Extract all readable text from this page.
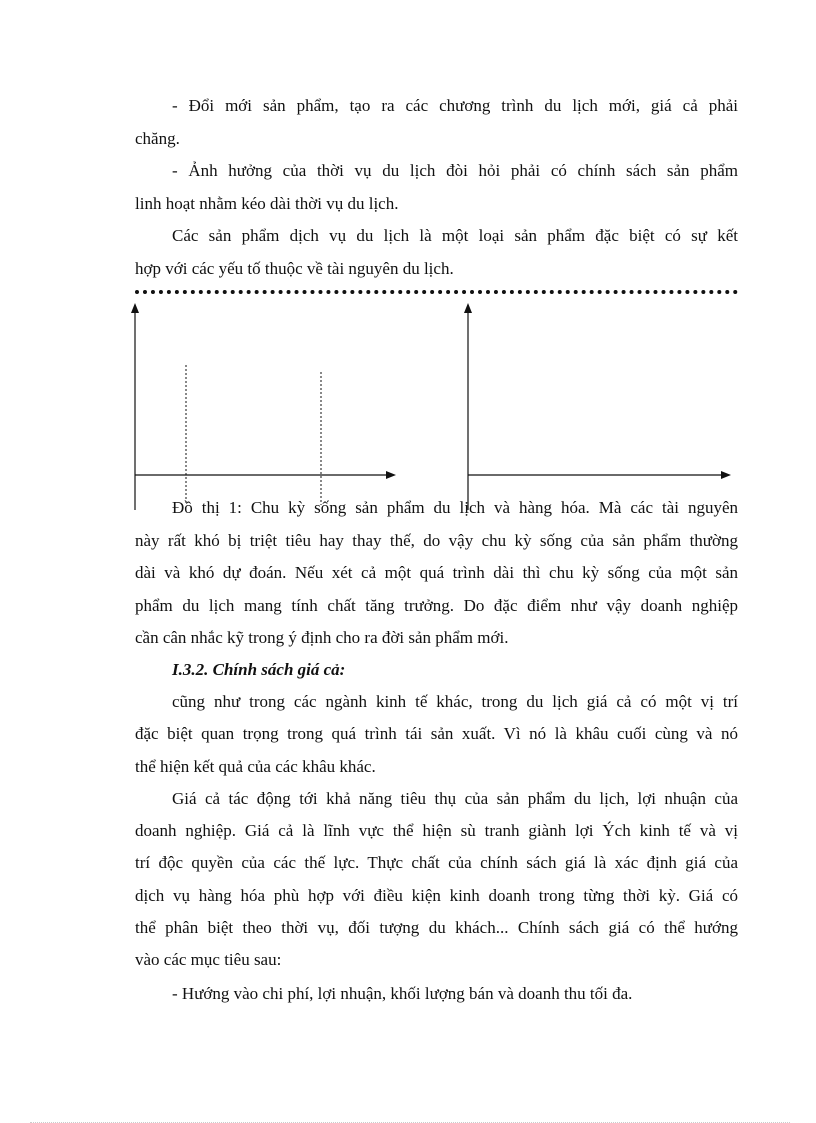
- Đổi mới sản phẩm, tạo ra các chương trình du lịch mới, giá cả phải
chăng.
- Ảnh hưởng của thời vụ du lịch đòi hỏi phải có chính sách sản phẩm
linh hoạt nhằm kéo dài thời vụ du lịch.
Các sản phẩm dịch vụ du lịch là một loại sản phẩm đặc biệt có sự kết
hợp với các yếu tố thuộc về tài nguyên du lịch.
Đồ thị 1: Chu kỳ sống sản phẩm du lịch và hàng hóa. Mà các tài nguyên
này rất khó bị triệt tiêu hay thay thế, do vậy chu kỳ sống của sản phẩm thường
dài và khó dự đoán. Nếu xét cả một quá trình dài thì chu kỳ sống của một sản
phẩm du lịch mang tính chất tăng trưởng. Do đặc điểm như vậy doanh nghiệp
cần cân nhắc kỹ trong ý định cho ra đời sản phẩm mới.
I.3.2. Chính sách giá cả:
cũng như trong các ngành kinh tế khác, trong du lịch giá cả có một vị trí
đặc biệt quan trọng trong quá trình tái sản xuất. Vì nó là khâu cuối cùng và nó
thể hiện kết quả của các khâu khác.
Giá cả tác động tới khả năng tiêu thụ của sản phẩm du lịch, lợi nhuận của
doanh nghiệp. Giá cả là lĩnh vực thể hiện sù tranh giành lợi Ých kinh tế và vị
trí độc quyền của các thế lực. Thực chất của chính sách giá là xác định giá của
dịch vụ hàng hóa phù hợp với điều kiện kinh doanh trong từng thời kỳ. Giá có
thể phân biệt theo thời vụ, đối tượng du khách... Chính sách giá có thể hướng
vào các mục tiêu sau:
- Hướng vào chi phí, lợi nhuận, khối lượng bán và doanh thu tối đa.
